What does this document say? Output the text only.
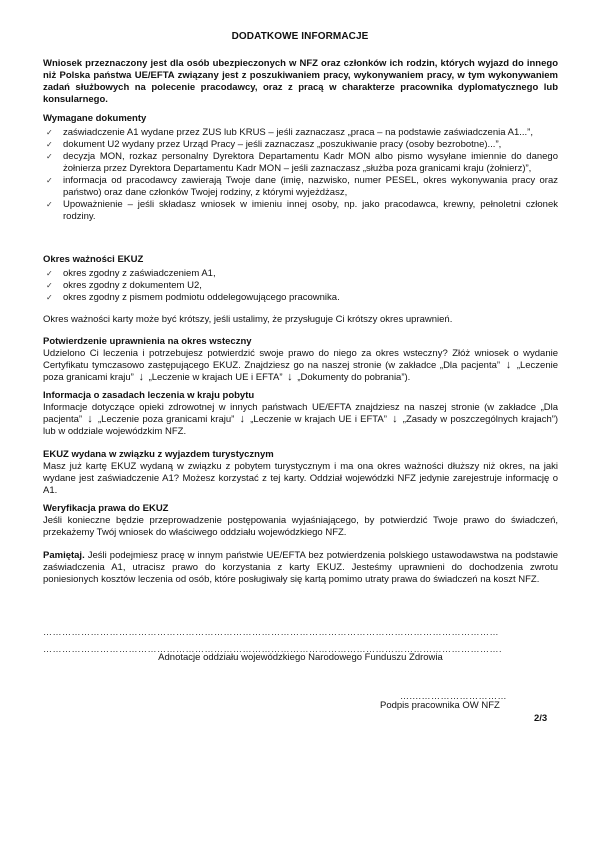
DODATKOWE INFORMACJE

Wniosek przeznaczony jest dla osób ubezpieczonych w NFZ oraz członków ich rodzin, których wyjazd do innego niż Polska państwa UE/EFTA związany jest z poszukiwaniem pracy, wykonywaniem pracy, w tym wykonywaniem zadań służbowych na polecenie pracodawcy, oraz z pracą w charakterze pracownika dyplomatycznego lub konsularnego.

Wymagane dokumenty
✓ zaświadczenie A1 wydane przez ZUS lub KRUS – jeśli zaznaczasz „praca – na podstawie zaświadczenia A1...”,
✓ dokument U2 wydany przez Urząd Pracy – jeśli zaznaczasz „poszukiwanie pracy (osoby bezrobotne)...”,
✓ decyzja MON, rozkaz personalny Dyrektora Departamentu Kadr MON albo pismo wysyłane imiennie do danego żołnierza przez Dyrektora Departamentu Kadr MON – jeśli zaznaczasz „służba poza granicami kraju (żołnierz)”,
✓ informacja od pracodawcy zawierają Twoje dane (imię, nazwisko, numer PESEL, okres wykonywania pracy oraz państwo) oraz dane członków Twojej rodziny, z którymi wyjeżdżasz,
✓ Upoważnienie – jeśli składasz wniosek w imieniu innej osoby, np. jako pracodawca, krewny, pełnoletni członek rodziny.
Okres ważności EKUZ
✓ okres zgodny z zaświadczeniem A1,
✓ okres zgodny z dokumentem U2,
✓ okres zgodny z pismem podmiotu oddelegowującego pracownika.

Okres ważności karty może być krótszy, jeśli ustalimy, że przysługuje Ci krótszy okres uprawnień.

Potwierdzenie uprawnienia na okres wsteczny

Udzielono Ci leczenia i potrzebujesz potwierdzić swoje prawo do niego za okres wsteczny? Złóż wniosek o wydanie Certyfikatu tymczasowo zastępującego EKUZ. Znajdziesz go na naszej stronie (w zakładce „Dla pacjenta” ↓ „Leczenie poza granicami kraju” ↓ „Leczenie w krajach UE i EFTA” ↓ „Dokumenty do pobrania”).

Informacja o zasadach leczenia w kraju pobytu

Informacje dotyczące opieki zdrowotnej w innych państwach UE/EFTA znajdziesz na naszej stronie (w zakładce „Dla pacjenta” ↓ „Leczenie poza granicami kraju” ↓ „Leczenie w krajach UE i EFTA” ↓ „Zasady w poszczególnych krajach”) lub w oddziale wojewódzkim NFZ.

EKUZ wydana w związku z wyjazdem turystycznym

Masz już kartę EKUZ wydaną w związku z pobytem turystycznym i ma ona okres ważności dłuższy niż okres, na jaki wydane jest zaświadczenie A1? Możesz korzystać z tej karty. Oddział wojewódzki NFZ jedynie zarejestruje informację o A1.

Weryfikacja prawa do EKUZ

Jeśli konieczne będzie przeprowadzenie postępowania wyjaśniającego, by potwierdzić Twoje prawo do świadczeń, przekażemy Twój wniosek do właściwego oddziału wojewódzkiego NFZ.

Pamiętaj. Jeśli podejmiesz pracę w innym państwie UE/EFTA bez potwierdzenia polskiego ustawodawstwa na podstawie zaświadczenia A1, utracisz prawo do korzystania z karty EKUZ. Jesteśmy uprawnieni do dochodzenia zwrotu poniesionych kosztów leczenia od osób, które posługiwały się kartą pomimo utraty prawa do świadczeń na koszt NFZ.

………………………………………………………………………………………………………………………………
……………………………………………………………………………………………………………………………….
Adnotacje oddziału wojewódzkiego Narodowego Funduszu Zdrowia
…....………………………
Podpis pracownika OW NFZ
2/3
